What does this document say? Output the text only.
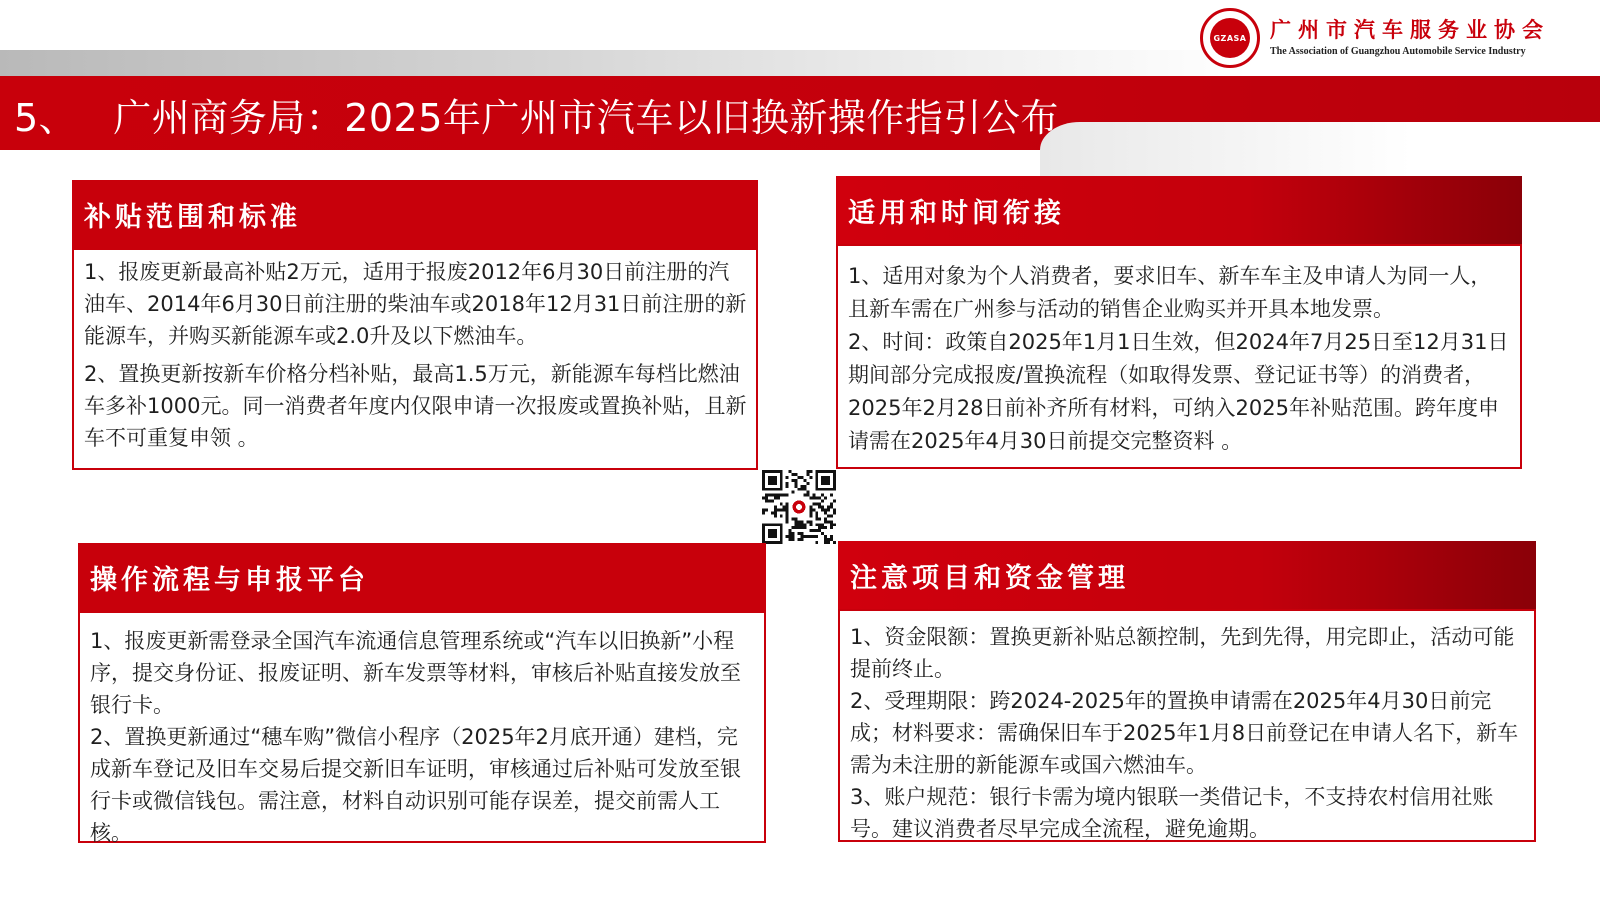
5、 广州商务局：2025年广州市汽车以旧换新操作指引公布
GZASA 广州市汽车服务业协会

The Association of Guangzhou Automobile Service Industry

补贴范围和标准

1、报废更新最高补贴2万元，适用于报废2012年6月30日前注册的汽油车、2014年6月30日前注册的柴油车或2018年12月31日前注册的新能源车，并购买新能源车或2.0升及以下燃油车。

2、置换更新按新车价格分档补贴，最高1.5万元，新能源车每档比燃油车多补1000元。同一消费者年度内仅限申请一次报废或置换补贴，且新车不可重复申领 。

适用和时间衔接

1、适用对象为个人消费者，要求旧车、新车车主及申请人为同一人，且新车需在广州参与活动的销售企业购买并开具本地发票。

2、时间：政策自2025年1月1日生效，但2024年7月25日至12月31日期间部分完成报废/置换流程（如取得发票、登记证书等）的消费者，2025年2月28日前补齐所有材料，可纳入2025年补贴范围。跨年度申请需在2025年4月30日前提交完整资料 。

操作流程与申报平台

1、报废更新需登录全国汽车流通信息管理系统或“汽车以旧换新”小程序，提交身份证、报废证明、新车发票等材料，审核后补贴直接发放至银行卡。

2、置换更新通过“穗车购”微信小程序（2025年2月底开通）建档，完成新车登记及旧车交易后提交新旧车证明，审核通过后补贴可发放至银行卡或微信钱包。需注意，材料自动识别可能存误差，提交前需人工核。

注意项目和资金管理

1、资金限额：置换更新补贴总额控制，先到先得，用完即止，活动可能提前终止。

2、受理期限：跨2024-2025年的置换申请需在2025年4月30日前完成；材料要求：需确保旧车于2025年1月8日前登记在申请人名下，新车需为未注册的新能源车或国六燃油车。

3、账户规范：银行卡需为境内银联一类借记卡，不支持农村信用社账号。建议消费者尽早完成全流程，避免逾期。
